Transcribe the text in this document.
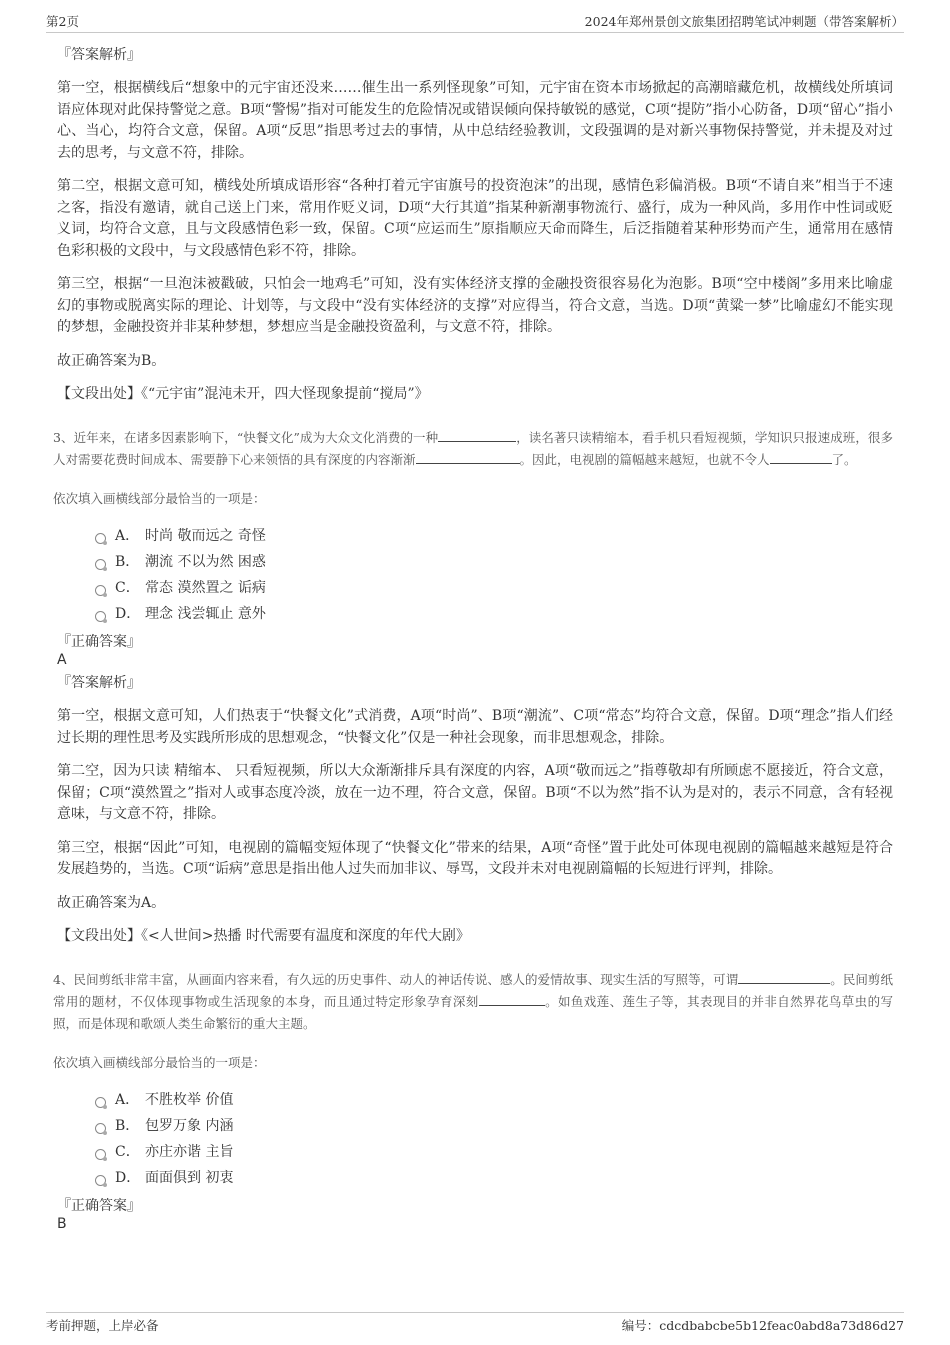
第2页	2024年郑州景创文旅集团招聘笔试冲刺题（带答案解析）
『答案解析』

第一空，根据横线后“想象中的元宇宙还没来……催生出一系列怪现象”可知，元宇宙在资本市场掀起的高潮暗藏危机，故横线处所填词语应体现对此保持警觉之意。B项“警惕”指对可能发生的危险情况或错误倾向保持敏锐的感觉，C项“提防”指小心防备，D项“留心”指小心、当心，均符合文意，保留。A项“反思”指思考过去的事情，从中总结经验教训，文段强调的是对新兴事物保持警觉，并未提及对过去的思考，与文意不符，排除。

第二空，根据文意可知，横线处所填成语形容“各种打着元宇宙旗号的投资泡沫”的出现，感情色彩偏消极。B项“不请自来”相当于不速之客，指没有邀请，就自己送上门来，常用作贬义词，D项“大行其道”指某种新潮事物流行、盛行，成为一种风尚，多用作中性词或贬义词，均符合文意，且与文段感情色彩一致，保留。C项“应运而生”原指顺应天命而降生，后泛指随着某种形势而产生，通常用在感情色彩积极的文段中，与文段感情色彩不符，排除。

第三空，根据“一旦泡沫被戳破，只怕会一地鸡毛”可知，没有实体经济支撑的金融投资很容易化为泡影。B项“空中楼阁”多用来比喻虚幻的事物或脱离实际的理论、计划等，与文段中“没有实体经济的支撑”对应得当，符合文意，当选。D项“黄粱一梦”比喻虚幻不能实现的梦想，金融投资并非某种梦想，梦想应当是金融投资盈利，与文意不符，排除。

故正确答案为B。

【文段出处】《“元宇宙”混沌未开，四大怪现象提前“搅局”》
3、近年来，在诸多因素影响下，“快餐文化”成为大众文化消费的一种	，读名著只读精缩本，看手机只看短视频，学知识只报速成班，很多人对需要花费时间成本、需要静下心来领悟的具有深度的内容渐渐	。因此，电视剧的篇幅越来越短，也就不令人	了。
依次填入画横线部分最恰当的一项是：
A． 时尚 敬而远之 奇怪
B． 潮流 不以为然 困惑
C． 常态 漠然置之 诟病
D． 理念 浅尝辄止 意外
『正确答案』
A
『答案解析』

第一空，根据文意可知，人们热衷于“快餐文化”式消费，A项“时尚”、B项“潮流”、C项“常态”均符合文意，保留。D项“理念”指人们经过长期的理性思考及实践所形成的思想观念，“快餐文化”仅是一种社会现象，而非思想观念，排除。

第二空，因为只读 精缩本、 只看短视频，所以大众渐渐排斥具有深度的内容，A项“敬而远之”指尊敬却有所顾虑不愿接近，符合文意，保留；C项“漠然置之”指对人或事态度冷淡，放在一边不理，符合文意，保留。B项“不以为然”指不认为是对的，表示不同意，含有轻视意味，与文意不符，排除。

第三空，根据“因此”可知，电视剧的篇幅变短体现了“快餐文化”带来的结果，A项“奇怪”置于此处可体现电视剧的篇幅越来越短是符合发展趋势的，当选。C项“诟病”意思是指出他人过失而加非议、辱骂，文段并未对电视剧篇幅的长短进行评判，排除。

故正确答案为A。

【文段出处】《<人世间>热播 时代需要有温度和深度的年代大剧》
4、民间剪纸非常丰富，从画面内容来看，有久远的历史事件、动人的神话传说、感人的爱情故事、现实生活的写照等，可谓	。民间剪纸常用的题材，不仅体现事物或生活现象的本身，而且通过特定形象孕育深刻	。如鱼戏莲、莲生子等，其表现目的并非自然界花鸟草虫的写照，而是体现和歌颂人类生命繁衍的重大主题。
依次填入画横线部分最恰当的一项是：
A． 不胜枚举 价值
B． 包罗万象 内涵
C． 亦庄亦谐 主旨
D． 面面俱到 初衷
『正确答案』
B
考前押题，上岸必备	编号：cdcdbabcbe5b12feac0abd8a73d86d27
